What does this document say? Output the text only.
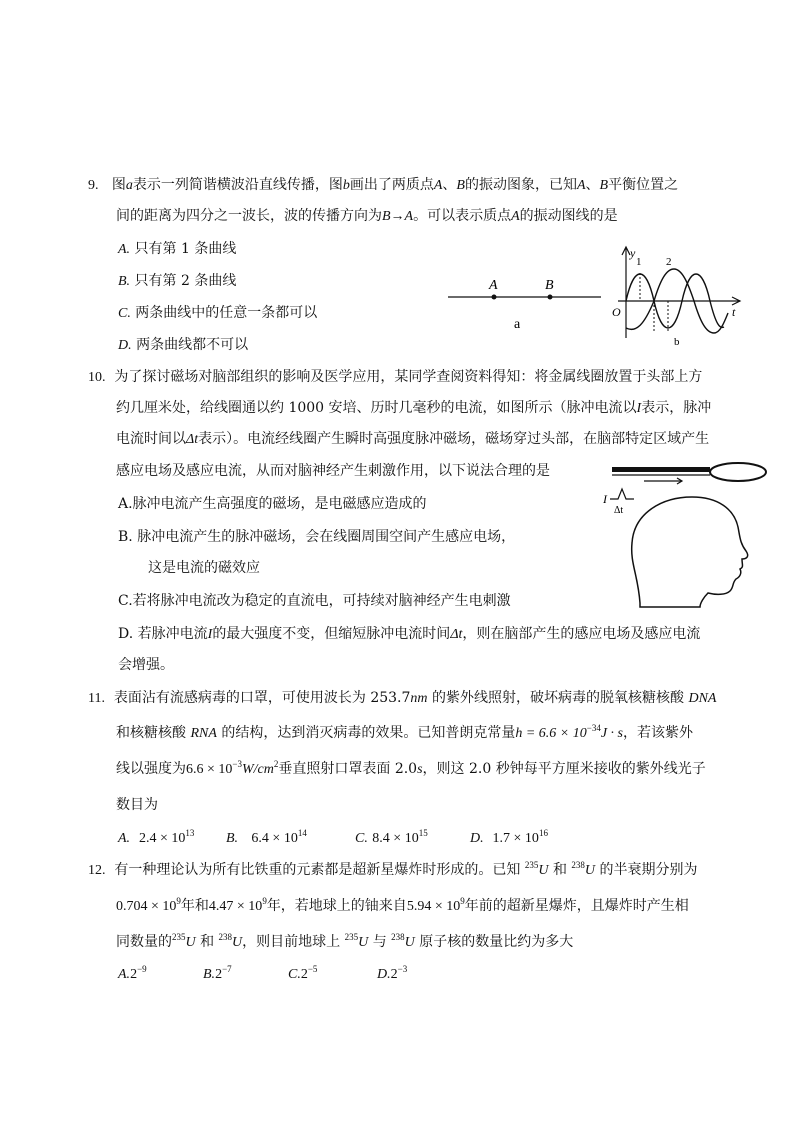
9. 图a表示一列简谐横波沿直线传播，图b画出了两质点A、B的振动图象，已知A、B平衡位置之
间的距离为四分之一波长，波的传播方向为B→A。可以表示质点A的振动图线的是
A. 只有第 1 条曲线
B. 只有第 2 条曲线
C. 两条曲线中的任意一条都可以
D. 两条曲线都不可以
A	B
a
y
O	t
1 2
b
10. 为了探讨磁场对脑部组织的影响及医学应用，某同学查阅资料得知：将金属线圈放置于头部上方
约几厘米处，给线圈通以约 1000 安培、历时几毫秒的电流，如图所示（脉冲电流以I表示，脉冲
电流时间以Δt表示）。电流经线圈产生瞬时高强度脉冲磁场，磁场穿过头部，在脑部特定区域产生
感应电场及感应电流，从而对脑神经产生刺激作用，以下说法合理的是
A.脉冲电流产生高强度的磁场，是电磁感应造成的
B. 脉冲电流产生的脉冲磁场，会在线圈周围空间产生感应电场，
这是电流的磁效应
C.若将脉冲电流改为稳定的直流电，可持续对脑神经产生电刺激
D. 若脉冲电流I的最大强度不变，但缩短脉冲电流时间Δt，则在脑部产生的感应电场及感应电流
会增强。
I
Δt
11. 表面沾有流感病毒的口罩，可使用波长为 253.7nm 的紫外线照射，破坏病毒的脱氧核糖核酸 DNA
和核糖核酸 RNA 的结构，达到消灭病毒的效果。已知普朗克常量$h = 6.6 \times 10^{-34}J \cdot s$，若该紫外
线以强度为$6.6 \times 10^{-3}W/cm^2$垂直照射口罩表面 2.0s，则这 2.0 秒钟每平方厘米接收的紫外线光子
数目为
A. $2.4 \times 10^{13}$ B. $6.4 \times 10^{14}$	C. $8.4 \times 10^{15}$	D. $1.7 \times 10^{16}$
12. 有一种理论认为所有比铁重的元素都是超新星爆炸时形成的。已知 $^{235}$U 和 $^{238}$U 的半衰期分别为
$0.704 \times 10^9$年和$4.47 \times 10^9$年，若地球上的铀来自$5.94 \times 10^9$年前的超新星爆炸，且爆炸时产生相
同数量的$^{235}$U 和 $^{238}$U，则目前地球上 $^{235}$U 与 $^{238}$U 原子核的数量比约为多大
$A.2^{-9}$	$B.2^{-7}$	$C.2^{-5}$	$D.2^{-3}$
